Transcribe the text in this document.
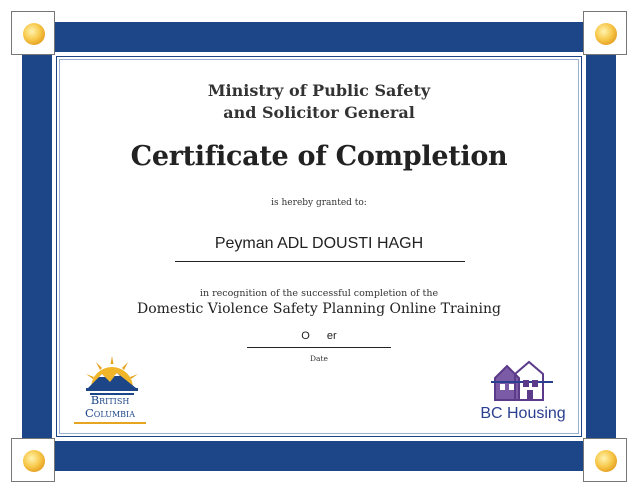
Ministry of Public Safety
and Solicitor General
Certificate of Completion
is hereby granted to:
Peyman ADL DOUSTI HAGH
in recognition of the successful completion of the
Domestic Violence Safety Planning Online Training
O er
Date
British
Columbia	BC Housing
